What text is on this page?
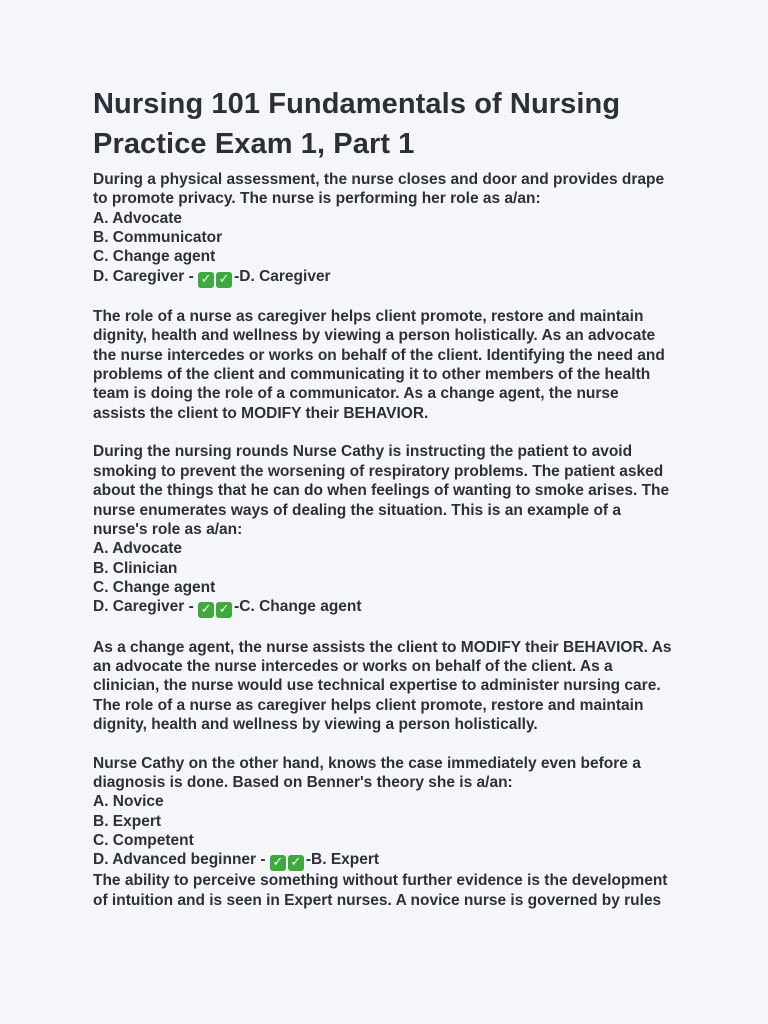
Nursing 101 Fundamentals of Nursing
Practice Exam 1, Part 1
During a physical assessment, the nurse closes and door and provides drape
to promote privacy. The nurse is performing her role as a/an:
A. Advocate
B. Communicator
C. Change agent
D. Caregiver - ✓ ✓ -D. Caregiver
The role of a nurse as caregiver helps client promote, restore and maintain
dignity, health and wellness by viewing a person holistically. As an advocate
the nurse intercedes or works on behalf of the client. Identifying the need and
problems of the client and communicating it to other members of the health
team is doing the role of a communicator. As a change agent, the nurse
assists the client to MODIFY their BEHAVIOR.
During the nursing rounds Nurse Cathy is instructing the patient to avoid
smoking to prevent the worsening of respiratory problems. The patient asked
about the things that he can do when feelings of wanting to smoke arises. The
nurse enumerates ways of dealing the situation. This is an example of a
nurse's role as a/an:
A. Advocate
B. Clinician
C. Change agent
D. Caregiver - ✓ ✓ -C. Change agent
As a change agent, the nurse assists the client to MODIFY their BEHAVIOR. As
an advocate the nurse intercedes or works on behalf of the client. As a
clinician, the nurse would use technical expertise to administer nursing care.
The role of a nurse as caregiver helps client promote, restore and maintain
dignity, health and wellness by viewing a person holistically.
Nurse Cathy on the other hand, knows the case immediately even before a
diagnosis is done. Based on Benner's theory she is a/an:
A. Novice
B. Expert
C. Competent
D. Advanced beginner - ✓ ✓ -B. Expert
The ability to perceive something without further evidence is the development
of intuition and is seen in Expert nurses. A novice nurse is governed by rules
